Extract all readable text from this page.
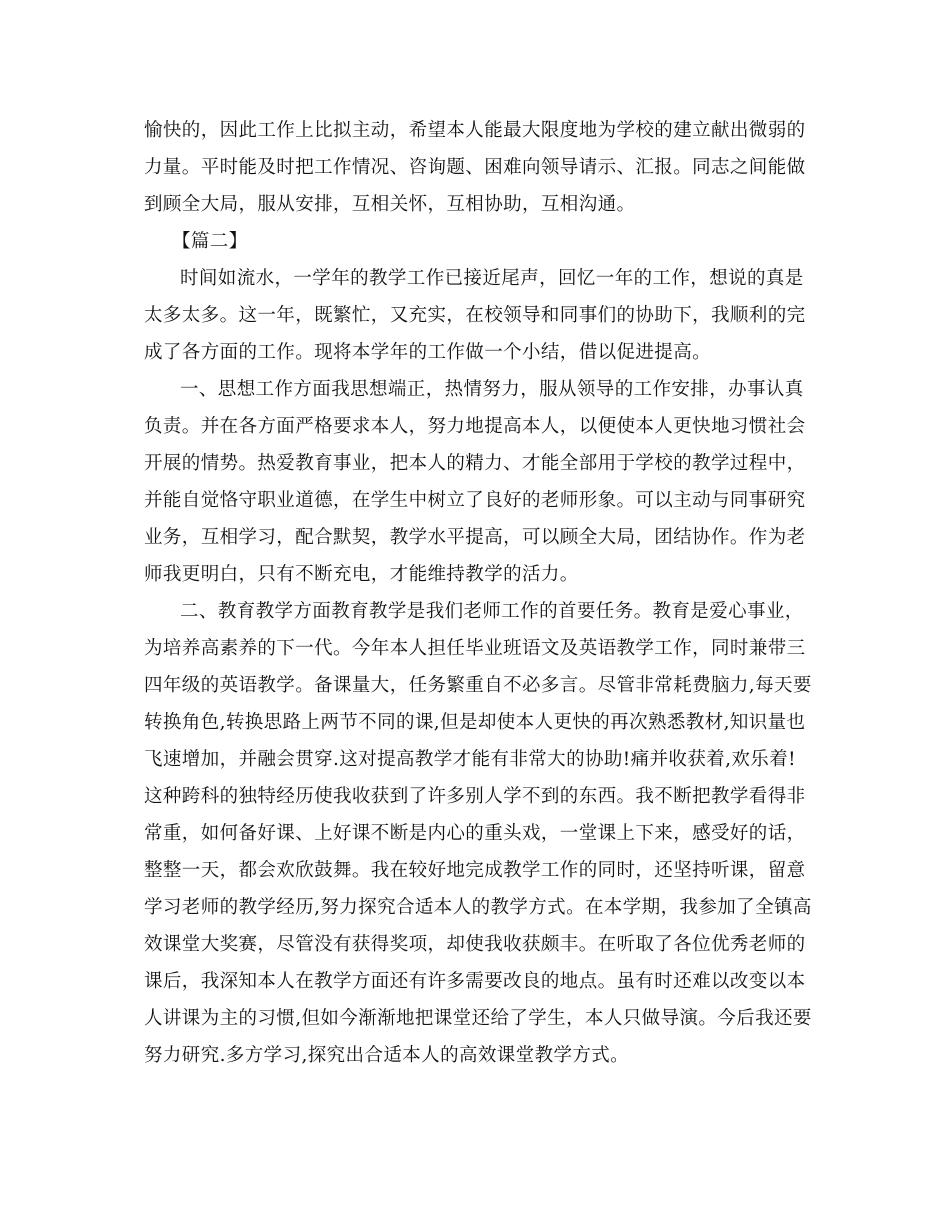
愉快的，因此工作上比拟主动，希望本人能最大限度地为学校的建立献出微弱的
力量。平时能及时把工作情况、咨询题、困难向领导请示、汇报。同志之间能做
到顾全大局，服从安排，互相关怀，互相协助，互相沟通。
【篇二】
时间如流水，一学年的教学工作已接近尾声，回忆一年的工作，想说的真是
太多太多。这一年，既繁忙，又充实，在校领导和同事们的协助下，我顺利的完
成了各方面的工作。现将本学年的工作做一个小结，借以促进提高。
一、思想工作方面我思想端正，热情努力，服从领导的工作安排，办事认真
负责。并在各方面严格要求本人，努力地提高本人，以便使本人更快地习惯社会
开展的情势。热爱教育事业，把本人的精力、才能全部用于学校的教学过程中，
并能自觉恪守职业道德，在学生中树立了良好的老师形象。可以主动与同事研究
业务，互相学习，配合默契，教学水平提高，可以顾全大局，团结协作。作为老
师我更明白，只有不断充电，才能维持教学的活力。
二、教育教学方面教育教学是我们老师工作的首要任务。教育是爱心事业，
为培养高素养的下一代。今年本人担任毕业班语文及英语教学工作，同时兼带三
四年级的英语教学。备课量大，任务繁重自不必多言。尽管非常耗费脑力,每天要
转换角色,转换思路上两节不同的课,但是却使本人更快的再次熟悉教材,知识量也
飞速增加，并融会贯穿.这对提高教学才能有非常大的协助!痛并收获着,欢乐着!
这种跨科的独特经历使我收获到了许多别人学不到的东西。我不断把教学看得非
常重，如何备好课、上好课不断是内心的重头戏，一堂课上下来，感受好的话，
整整一天，都会欢欣鼓舞。我在较好地完成教学工作的同时，还坚持听课，留意
学习老师的教学经历,努力探究合适本人的教学方式。在本学期，我参加了全镇高
效课堂大奖赛，尽管没有获得奖项，却使我收获颇丰。在听取了各位优秀老师的
课后，我深知本人在教学方面还有许多需要改良的地点。虽有时还难以改变以本
人讲课为主的习惯,但如今渐渐地把课堂还给了学生，本人只做导演。今后我还要
努力研究.多方学习,探究出合适本人的高效课堂教学方式。
